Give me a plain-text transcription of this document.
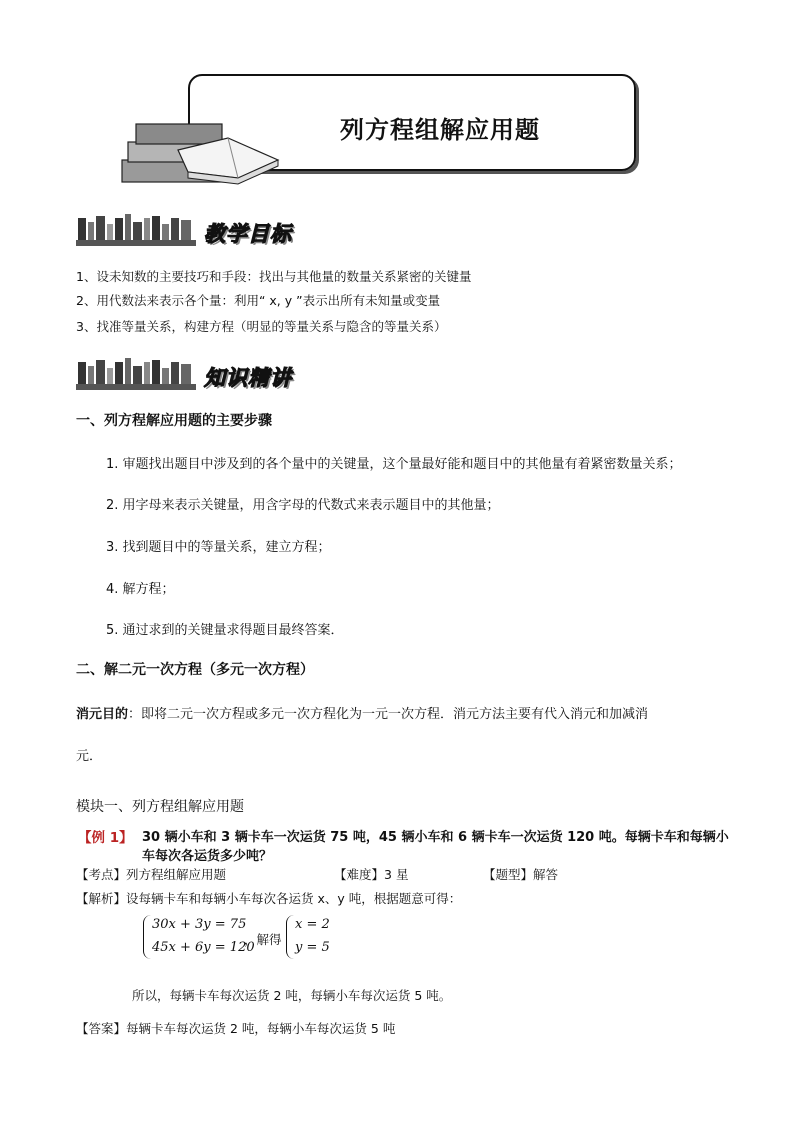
列方程组解应用题
教学目标
1、设未知数的主要技巧和手段：找出与其他量的数量关系紧密的关键量
2、用代数法来表示各个量：利用“ x, y ”表示出所有未知量或变量
3、找准等量关系，构建方程（明显的等量关系与隐含的等量关系）
知识精讲
一、列方程解应用题的主要步骤
1. 审题找出题目中涉及到的各个量中的关键量，这个量最好能和题目中的其他量有着紧密数量关系；
2. 用字母来表示关键量，用含字母的代数式来表示题目中的其他量；
3. 找到题目中的等量关系，建立方程；
4. 解方程；
5. 通过求到的关键量求得题目最终答案．
二、解二元一次方程（多元一次方程）
消元目的：即将二元一次方程或多元一次方程化为一元一次方程．消元方法主要有代入消元和加减消
元．
模块一、列方程组解应用题
【例 1】 30 辆小车和 3 辆卡车一次运货 75 吨，45 辆小车和 6 辆卡车一次运货 120 吨。每辆卡车和每辆小
车每次各运货多少吨？
【考点】列方程组解应用题	【难度】3 星	【题型】解答
【解析】设每辆卡车和每辆小车每次各运货 x、y 吨，根据题意可得：
30x + 3y = 75
45x + 6y = 120
，解得
x = 2
y = 5
所以，每辆卡车每次运货 2 吨，每辆小车每次运货 5 吨。
【答案】每辆卡车每次运货 2 吨，每辆小车每次运货 5 吨
